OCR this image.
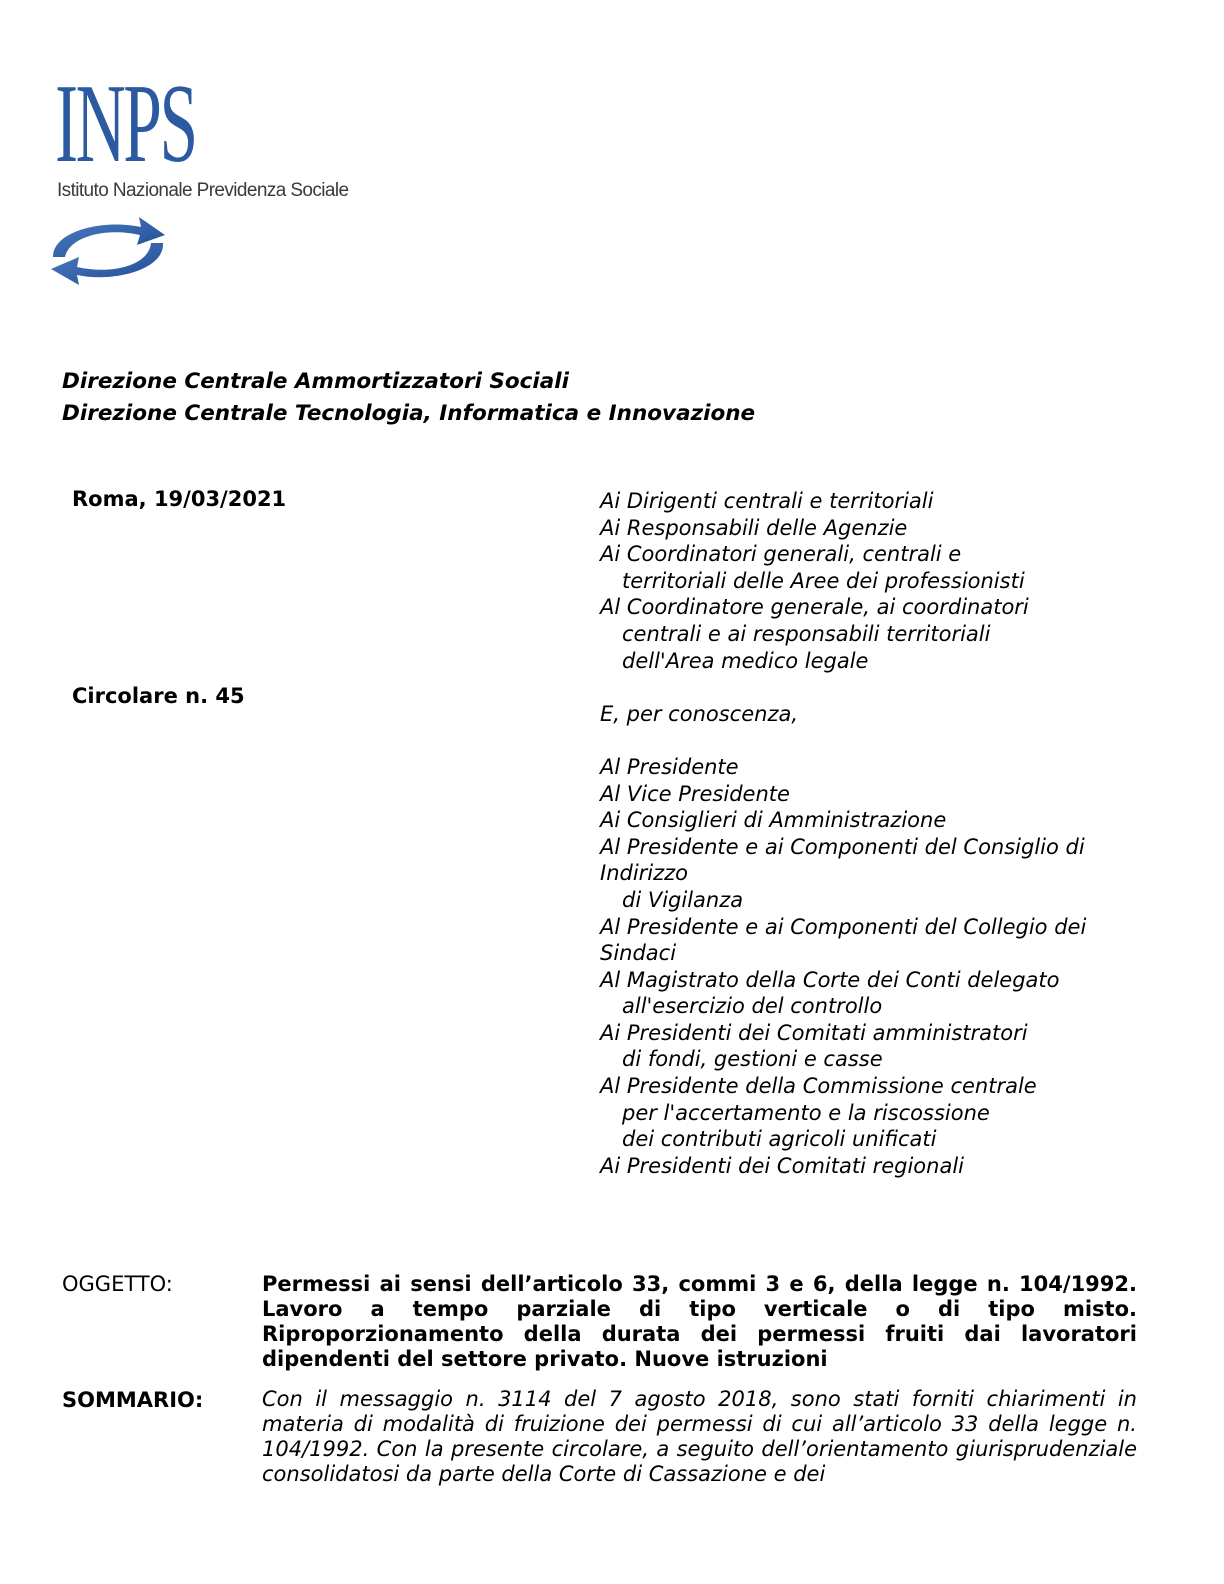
INPS
Istituto Nazionale Previdenza Sociale
Direzione Centrale Ammortizzatori Sociali
Direzione Centrale Tecnologia, Informatica e Innovazione
Roma, 19/03/2021
Circolare n. 45
Ai Dirigenti centrali e territoriali
Ai Responsabili delle Agenzie
Ai Coordinatori generali, centrali e
territoriali delle Aree dei professionisti
Al Coordinatore generale, ai coordinatori
centrali e ai responsabili territoriali
dell'Area medico legale
E, per conoscenza,
Al Presidente
Al Vice Presidente
Ai Consiglieri di Amministrazione
Al Presidente e ai Componenti del Consiglio di
Indirizzo
di Vigilanza
Al Presidente e ai Componenti del Collegio dei
Sindaci
Al Magistrato della Corte dei Conti delegato
all'esercizio del controllo
Ai Presidenti dei Comitati amministratori
di fondi, gestioni e casse
Al Presidente della Commissione centrale
per l'accertamento e la riscossione
dei contributi agricoli unificati
Ai Presidenti dei Comitati regionali
OGGETTO:	Permessi ai sensi dell’articolo 33, commi 3 e 6, della legge n. 104/1992. Lavoro a tempo parziale di tipo verticale o di tipo misto. Riproporzionamento della durata dei permessi fruiti dai lavoratori dipendenti del settore privato. Nuove istruzioni
SOMMARIO:	Con il messaggio n. 3114 del 7 agosto 2018, sono stati forniti chiarimenti in materia di modalità di fruizione dei permessi di cui all’articolo 33 della legge n. 104/1992. Con la presente circolare, a seguito dell’orientamento giurisprudenziale consolidatosi da parte della Corte di Cassazione e dei
